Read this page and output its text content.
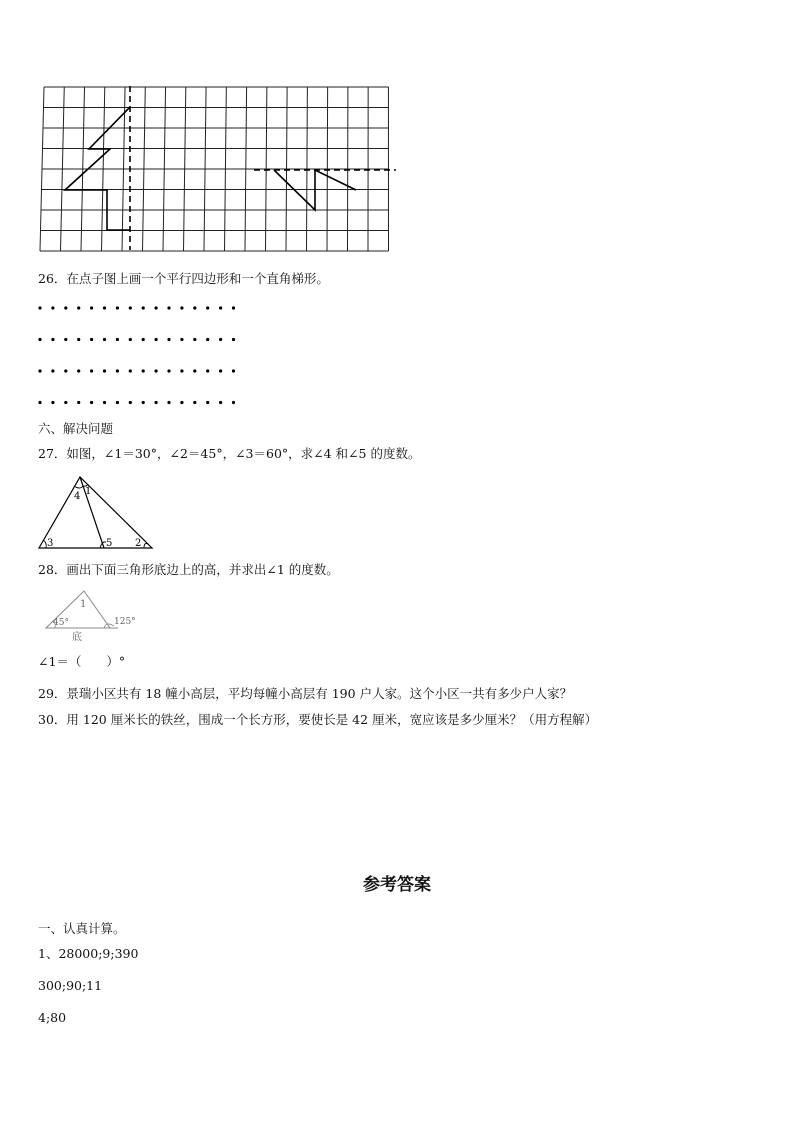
26．在点子图上画一个平行四边形和一个直角梯形。
六、解决问题
27．如图，∠1＝30°，∠2＝45°，∠3＝60°，求∠4 和∠5 的度数。
4 1
3	5 2
28．画出下面三角形底边上的高，并求出∠1 的度数。
1
45°	125°
底
∠1＝（　　）°
29．景瑞小区共有 18 幢小高层，平均每幢小高层有 190 户人家。这个小区一共有多少户人家？
30．用 120 厘米长的铁丝，围成一个长方形，要使长是 42 厘米，宽应该是多少厘米？（用方程解）
参考答案
一、认真计算。
1、28000;9;390
300;90;11
4;80
